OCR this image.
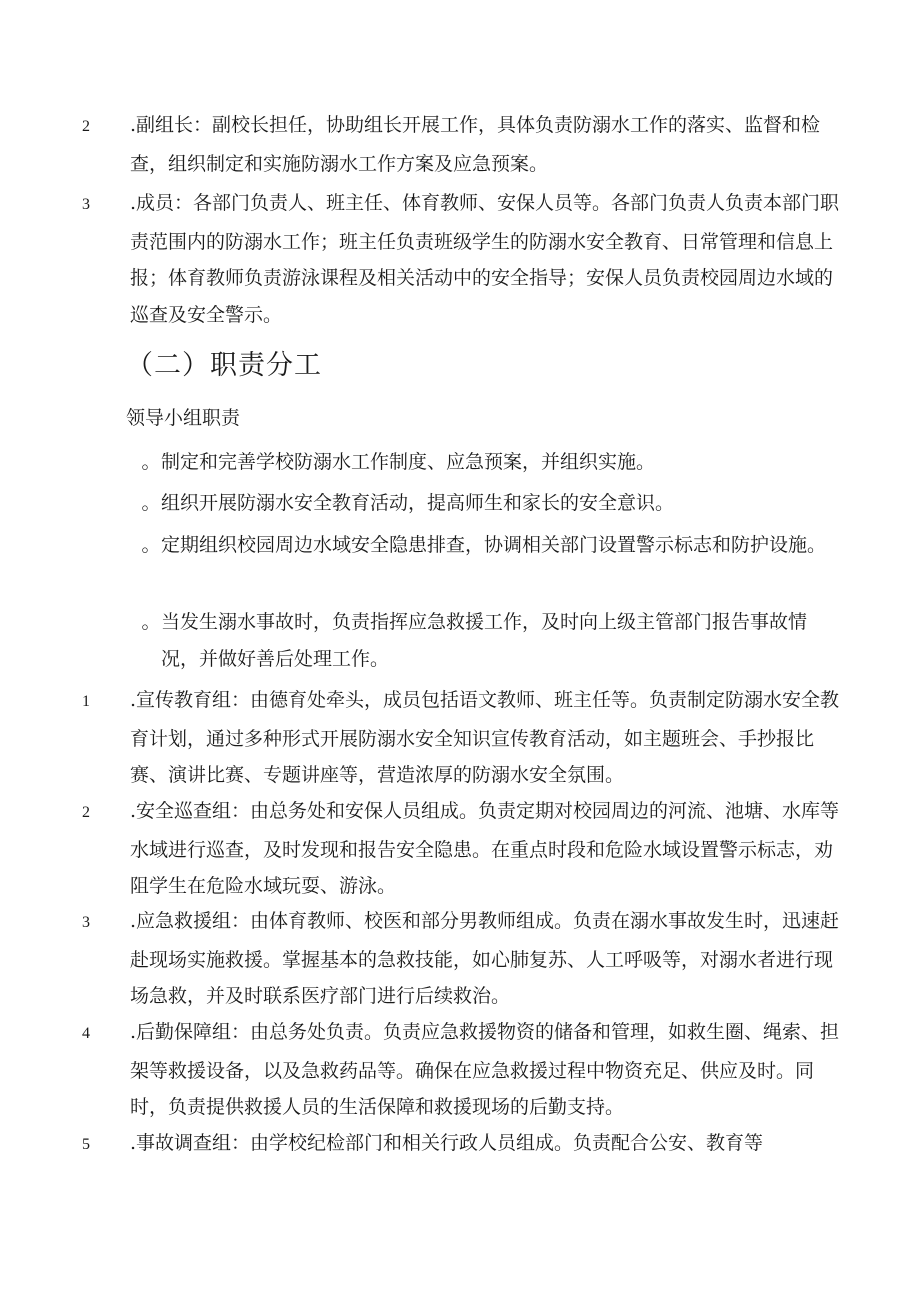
2 .副组长：副校长担任，协助组长开展工作，具体负责防溺水工作的落实、监督和检查，组织制定和实施防溺水工作方案及应急预案。

3 .成员：各部门负责人、班主任、体育教师、安保人员等。各部门负责人负责本部门职责范围内的防溺水工作；班主任负责班级学生的防溺水安全教育、日常管理和信息上报；体育教师负责游泳课程及相关活动中的安全指导；安保人员负责校园周边水域的巡查及安全警示。

（二）职责分工

领导小组职责

。制定和完善学校防溺水工作制度、应急预案，并组织实施。

。组织开展防溺水安全教育活动，提高师生和家长的安全意识。

。定期组织校园周边水域安全隐患排查，协调相关部门设置警示标志和防护设施。

。当发生溺水事故时，负责指挥应急救援工作，及时向上级主管部门报告事故情况，并做好善后处理工作。

1 .宣传教育组：由德育处牵头，成员包括语文教师、班主任等。负责制定防溺水安全教育计划，通过多种形式开展防溺水安全知识宣传教育活动，如主题班会、手抄报比赛、演讲比赛、专题讲座等，营造浓厚的防溺水安全氛围。

2 .安全巡查组：由总务处和安保人员组成。负责定期对校园周边的河流、池塘、水库等水域进行巡查，及时发现和报告安全隐患。在重点时段和危险水域设置警示标志，劝阻学生在危险水域玩耍、游泳。

3 .应急救援组：由体育教师、校医和部分男教师组成。负责在溺水事故发生时，迅速赶赴现场实施救援。掌握基本的急救技能，如心肺复苏、人工呼吸等，对溺水者进行现场急救，并及时联系医疗部门进行后续救治。

4 .后勤保障组：由总务处负责。负责应急救援物资的储备和管理，如救生圈、绳索、担架等救援设备，以及急救药品等。确保在应急救援过程中物资充足、供应及时。同时，负责提供救援人员的生活保障和救援现场的后勤支持。

5 .事故调查组：由学校纪检部门和相关行政人员组成。负责配合公安、教育等
